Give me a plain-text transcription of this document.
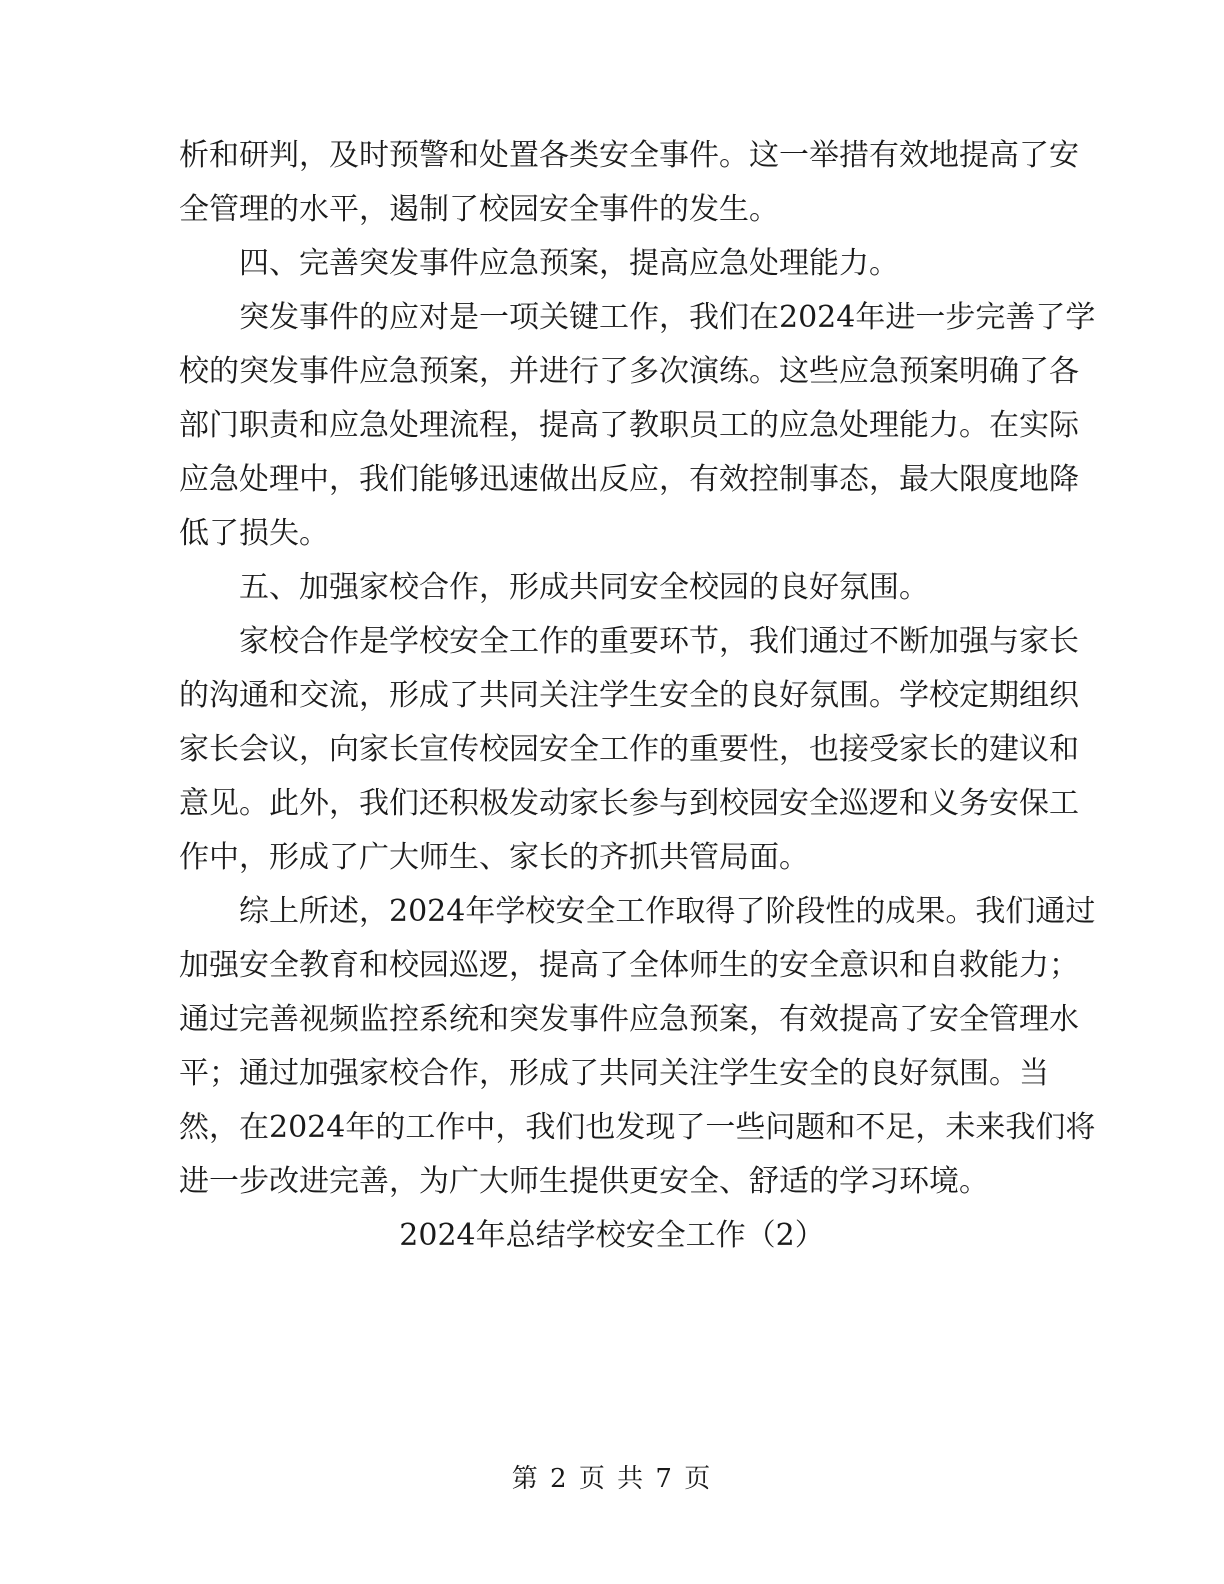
析和研判，及时预警和处置各类安全事件。这一举措有效地提高了安
全管理的水平，遏制了校园安全事件的发生。
　　四、完善突发事件应急预案，提高应急处理能力。
　　突发事件的应对是一项关键工作，我们在2024年进一步完善了学
校的突发事件应急预案，并进行了多次演练。这些应急预案明确了各
部门职责和应急处理流程，提高了教职员工的应急处理能力。在实际
应急处理中，我们能够迅速做出反应，有效控制事态，最大限度地降
低了损失。
　　五、加强家校合作，形成共同安全校园的良好氛围。
　　家校合作是学校安全工作的重要环节，我们通过不断加强与家长
的沟通和交流，形成了共同关注学生安全的良好氛围。学校定期组织
家长会议，向家长宣传校园安全工作的重要性，也接受家长的建议和
意见。此外，我们还积极发动家长参与到校园安全巡逻和义务安保工
作中，形成了广大师生、家长的齐抓共管局面。
　　综上所述，2024年学校安全工作取得了阶段性的成果。我们通过
加强安全教育和校园巡逻，提高了全体师生的安全意识和自救能力；
通过完善视频监控系统和突发事件应急预案，有效提高了安全管理水
平；通过加强家校合作，形成了共同关注学生安全的良好氛围。当
然，在2024年的工作中，我们也发现了一些问题和不足，未来我们将
进一步改进完善，为广大师生提供更安全、舒适的学习环境。
2024年总结学校安全工作（2）
第 2 页 共 7 页
